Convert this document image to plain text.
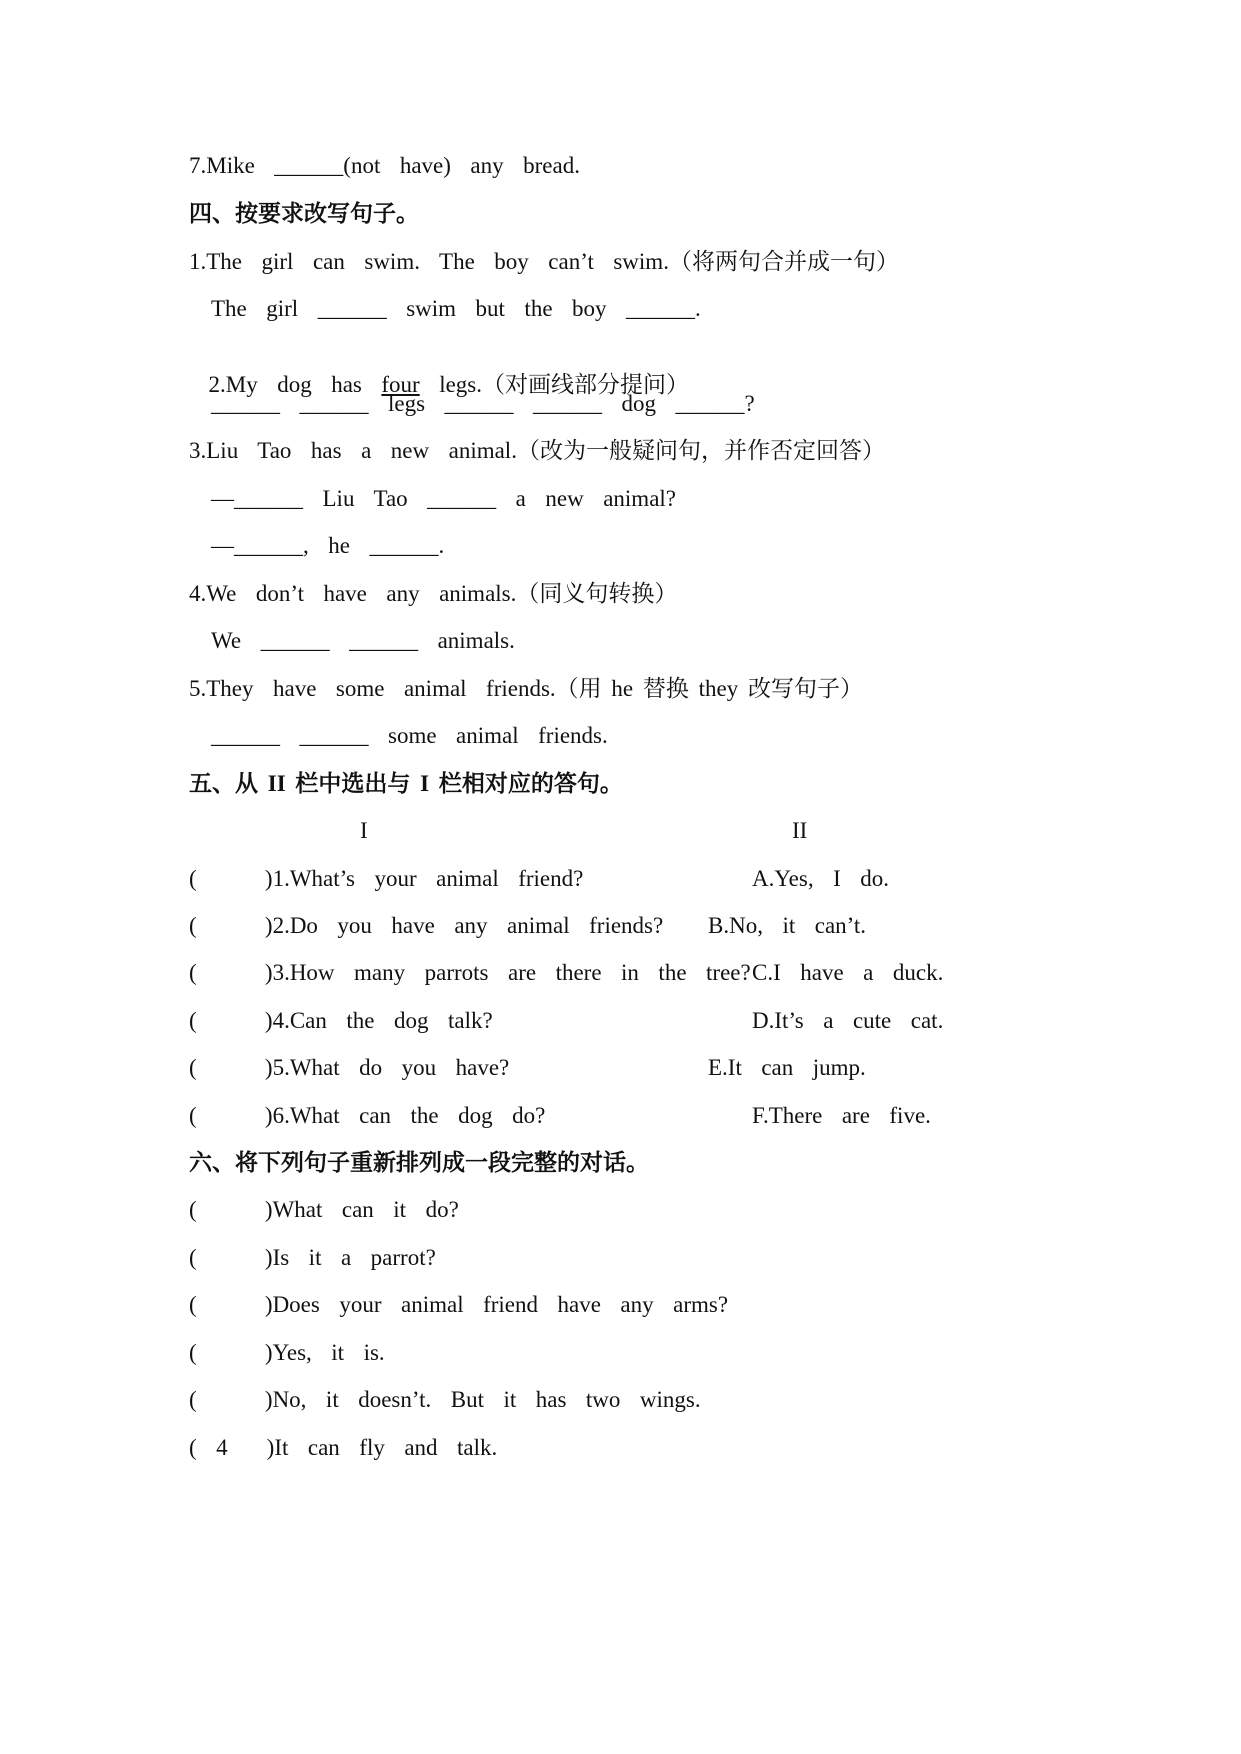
7.Mike  ______(not  have)  any  bread.
四、按要求改写句子。
1.The  girl  can  swim.  The  boy  can’t  swim.（将两句合并成一句）
The  girl  ______  swim  but  the  boy  ______.

2.My  dog  has  four  legs.（对画线部分提问）

______  ______  legs  ______  ______  dog  ______?
3.Liu  Tao  has  a  new  animal.（改为一般疑问句，并作否定回答）
—______  Liu  Tao  ______  a  new  animal?
—______,  he  ______.
4.We  don’t  have  any  animals.（同义句转换）
We  ______  ______  animals.
5.They  have  some  animal  friends.（用 he 替换 they 改写句子）
______  ______  some  animal  friends.
五、从 II 栏中选出与 I 栏相对应的答句。
I	II
(       )1.What’s  your  animal  friend?	A.Yes,  I  do.
(       )2.Do  you  have  any  animal  friends? B.No,  it  can’t.
(       )3.How  many  parrots  are  there  in  the  tree? C.I  have  a  duck.
(       )4.Can  the  dog  talk?	D.It’s  a  cute  cat.
(       )5.What  do  you  have?	E.It  can  jump.
(       )6.What  can  the  dog  do?	F.There  are  five.
六、将下列句子重新排列成一段完整的对话。
(       )What  can  it  do?
(       )Is  it  a  parrot?
(       )Does  your  animal  friend  have  any  arms?
(       )Yes,  it  is.
(       )No,  it  doesn’t.  But  it  has  two  wings.
(  4    )It  can  fly  and  talk.
